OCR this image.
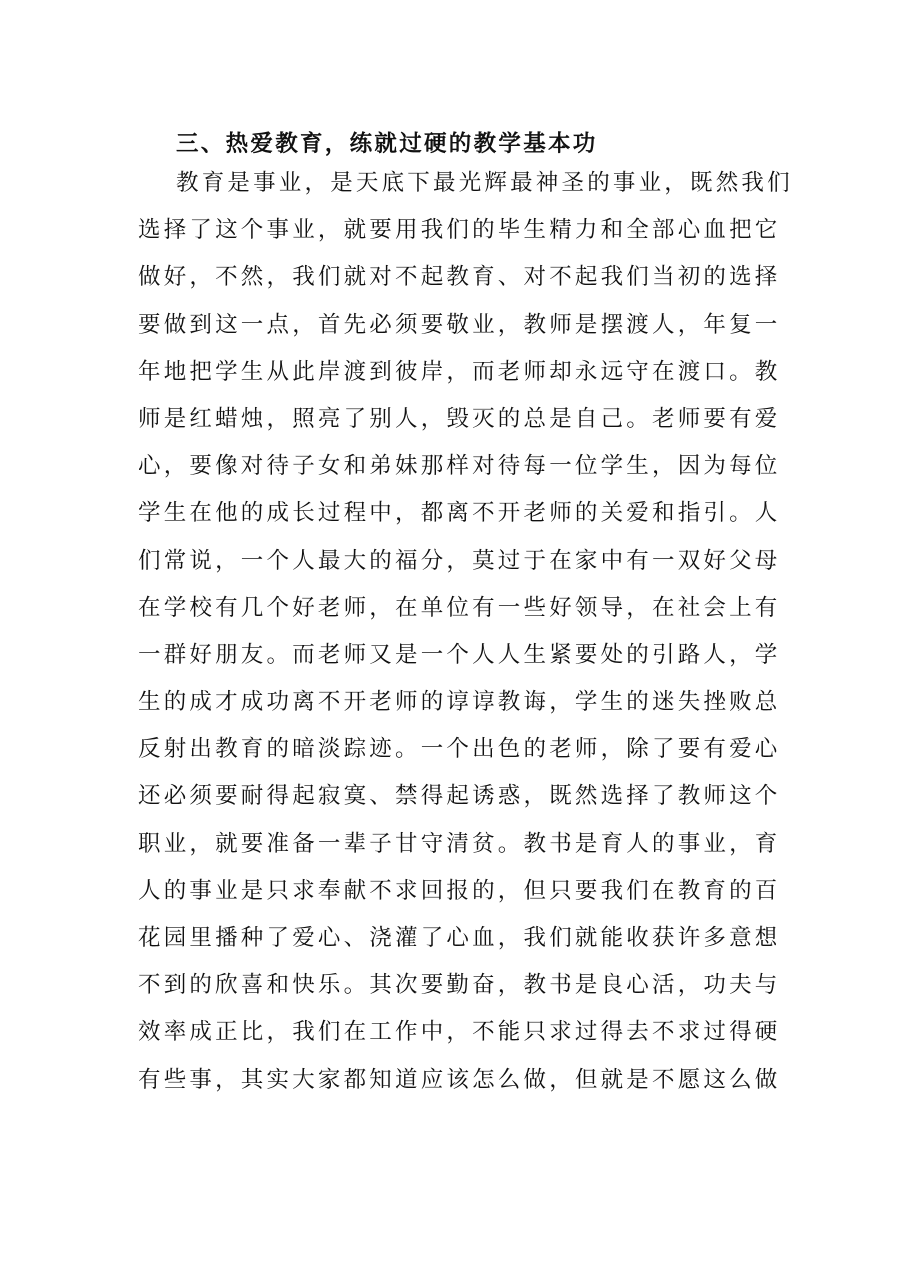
三、热爱教育，练就过硬的教学基本功
教育是事业，是天底下最光辉最神圣的事业，既然我们
选择了这个事业，就要用我们的毕生精力和全部心血把它
做好，不然，我们就对不起教育、对不起我们当初的选择
要做到这一点，首先必须要敬业，教师是摆渡人，年复一
年地把学生从此岸渡到彼岸，而老师却永远守在渡口。教
师是红蜡烛，照亮了别人，毁灭的总是自己。老师要有爱
心，要像对待子女和弟妹那样对待每一位学生，因为每位
学生在他的成长过程中，都离不开老师的关爱和指引。人
们常说，一个人最大的福分，莫过于在家中有一双好父母
在学校有几个好老师，在单位有一些好领导，在社会上有
一群好朋友。而老师又是一个人人生紧要处的引路人，学
生的成才成功离不开老师的谆谆教诲，学生的迷失挫败总
反射出教育的暗淡踪迹。一个出色的老师，除了要有爱心
还必须要耐得起寂寞、禁得起诱惑，既然选择了教师这个
职业，就要准备一辈子甘守清贫。教书是育人的事业，育
人的事业是只求奉献不求回报的，但只要我们在教育的百
花园里播种了爱心、浇灌了心血，我们就能收获许多意想
不到的欣喜和快乐。其次要勤奋，教书是良心活，功夫与
效率成正比，我们在工作中，不能只求过得去不求过得硬
有些事，其实大家都知道应该怎么做，但就是不愿这么做
